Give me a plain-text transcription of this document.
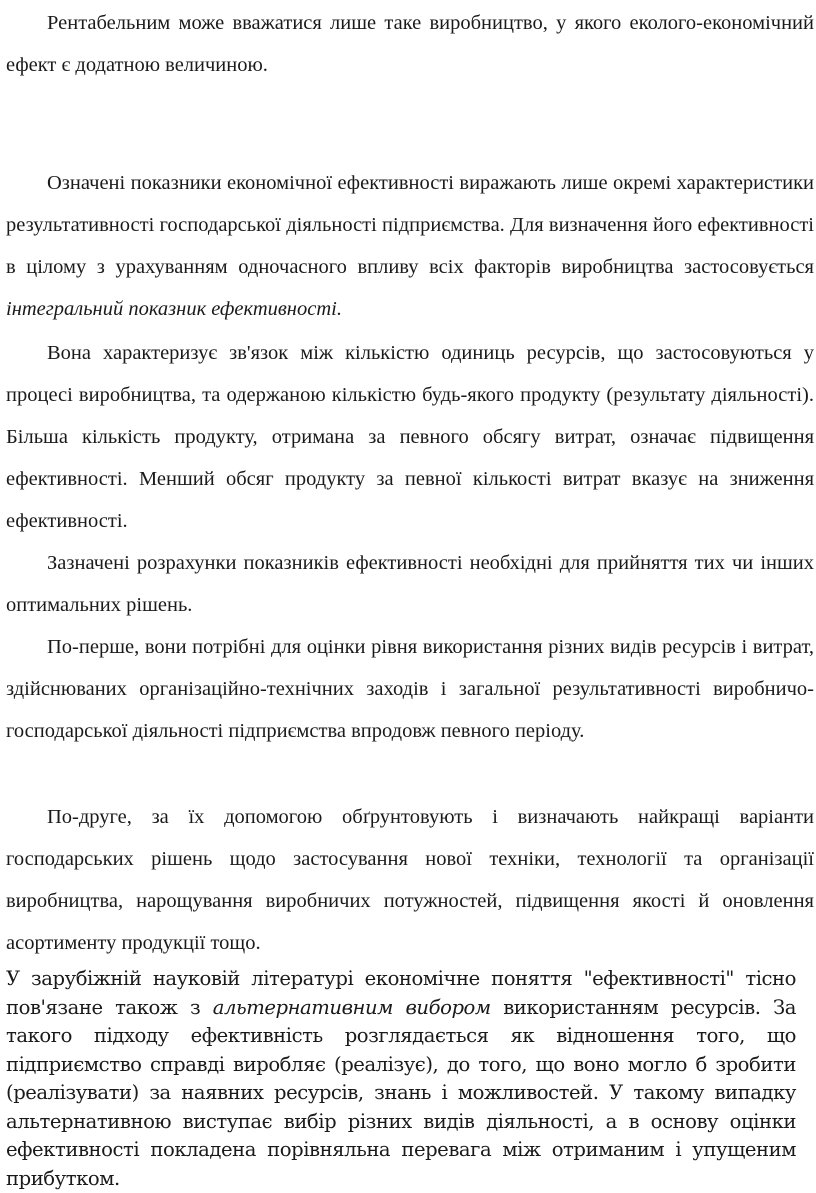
Рентабельним може вважатися лише таке виробництво, у якого еколого-економічний ефект є додатною величиною.

Означені показники економічної ефективності виражають лише окремі характеристики результативності господарської діяльності підприємства. Для визначення його ефективності в цілому з урахуванням одночасного впливу всіх факторів виробництва застосовується інтегральний показник ефективності.

Вона характеризує зв'язок між кількістю одиниць ресурсів, що застосовуються у процесі виробництва, та одержаною кількістю будь-якого продукту (результату діяльності). Більша кількість продукту, отримана за певного обсягу витрат, означає підвищення ефективності. Менший обсяг продукту за певної кількості витрат вказує на зниження ефективності.

Зазначені розрахунки показників ефективності необхідні для прийняття тих чи інших оптимальних рішень.

По-перше, вони потрібні для оцінки рівня використання різних видів ресурсів і витрат, здійснюваних організаційно-технічних заходів і загальної результативності виробничо-господарської діяльності підприємства впродовж певного періоду.

По-друге, за їх допомогою обґрунтовують і визначають найкращі варіанти господарських рішень щодо застосування нової техніки, технології та організації виробництва, нарощування виробничих потужностей, підвищення якості й оновлення асортименту продукції тощо.

У зарубіжній науковій літературі економічне поняття "ефективності" тісно пов'язане також з альтернативним вибором використанням ресурсів. За такого підходу ефективність розглядається як відношення того, що підприємство справді виробляє (реалізує), до того, що воно могло б зробити (реалізувати) за наявних ресурсів, знань і можливостей. У такому випадку альтернативною виступає вибір різних видів діяльності, а в основу оцінки ефективності покладена порівняльна перевага між отриманим і упущеним прибутком.
